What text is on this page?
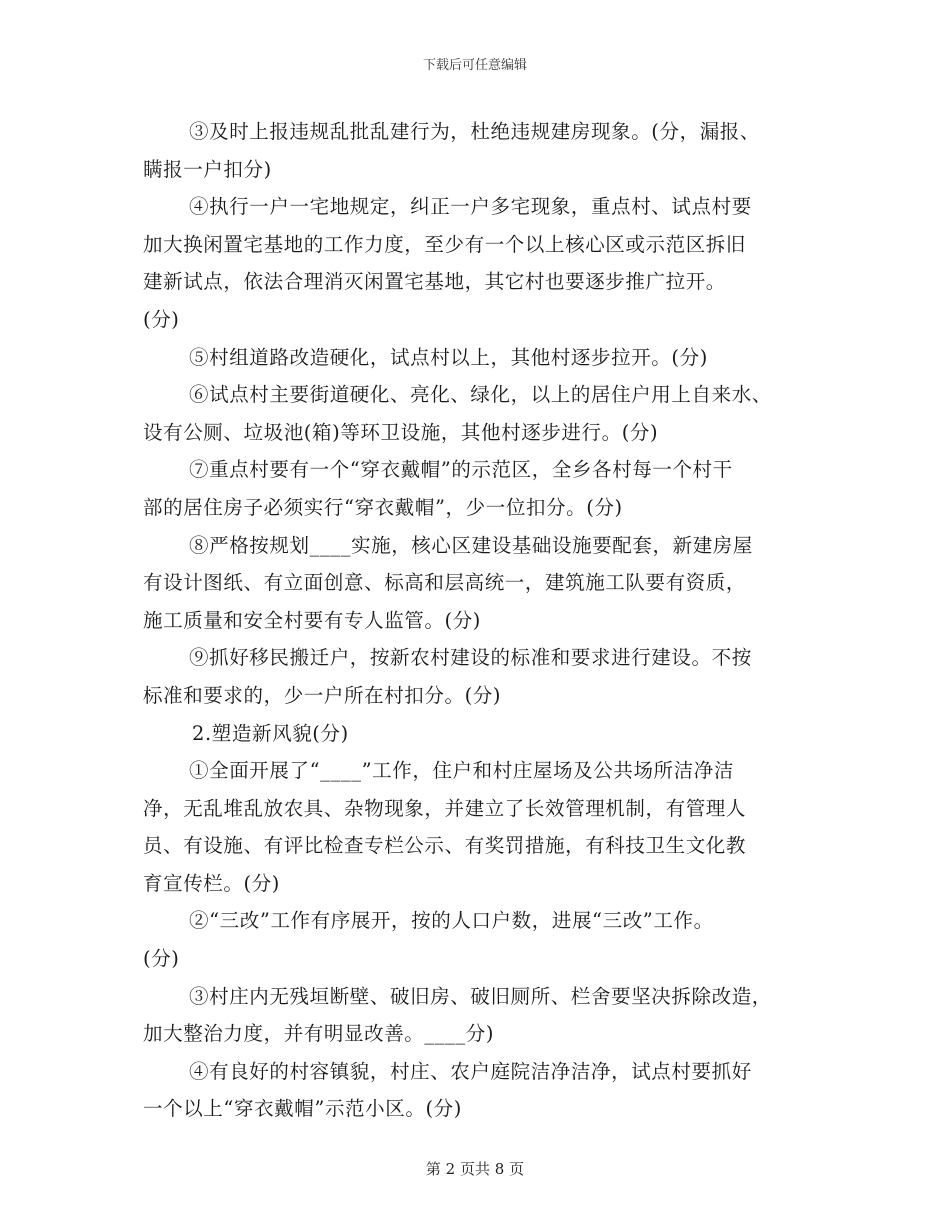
下载后可任意编辑
③及时上报违规乱批乱建行为，杜绝违规建房现象。(分，漏报、
瞒报一户扣分)
④执行一户一宅地规定，纠正一户多宅现象，重点村、试点村要
加大换闲置宅基地的工作力度，至少有一个以上核心区或示范区拆旧
建新试点，依法合理消灭闲置宅基地，其它村也要逐步推广拉开。
(分)
⑤村组道路改造硬化，试点村以上，其他村逐步拉开。(分)
⑥试点村主要街道硬化、亮化、绿化，以上的居住户用上自来水、
设有公厕、垃圾池(箱)等环卫设施，其他村逐步进行。(分)
⑦重点村要有一个“穿衣戴帽”的示范区，全乡各村每一个村干
部的居住房子必须实行“穿衣戴帽”，少一位扣分。(分)
⑧严格按规划____实施，核心区建设基础设施要配套，新建房屋
有设计图纸、有立面创意、标高和层高统一，建筑施工队要有资质，
施工质量和安全村要有专人监管。(分)
⑨抓好移民搬迁户，按新农村建设的标准和要求进行建设。不按
标准和要求的，少一户所在村扣分。(分)
2.塑造新风貌(分)
①全面开展了“____”工作，住户和村庄屋场及公共场所洁净洁
净，无乱堆乱放农具、杂物现象，并建立了长效管理机制，有管理人
员、有设施、有评比检查专栏公示、有奖罚措施，有科技卫生文化教
育宣传栏。(分)
②“三改”工作有序展开，按的人口户数，进展“三改”工作。
(分)
③村庄内无残垣断壁、破旧房、破旧厕所、栏舍要坚决拆除改造，
加大整治力度，并有明显改善。____分)
④有良好的村容镇貌，村庄、农户庭院洁净洁净，试点村要抓好
一个以上“穿衣戴帽”示范小区。(分)
第 2 页共 8 页
